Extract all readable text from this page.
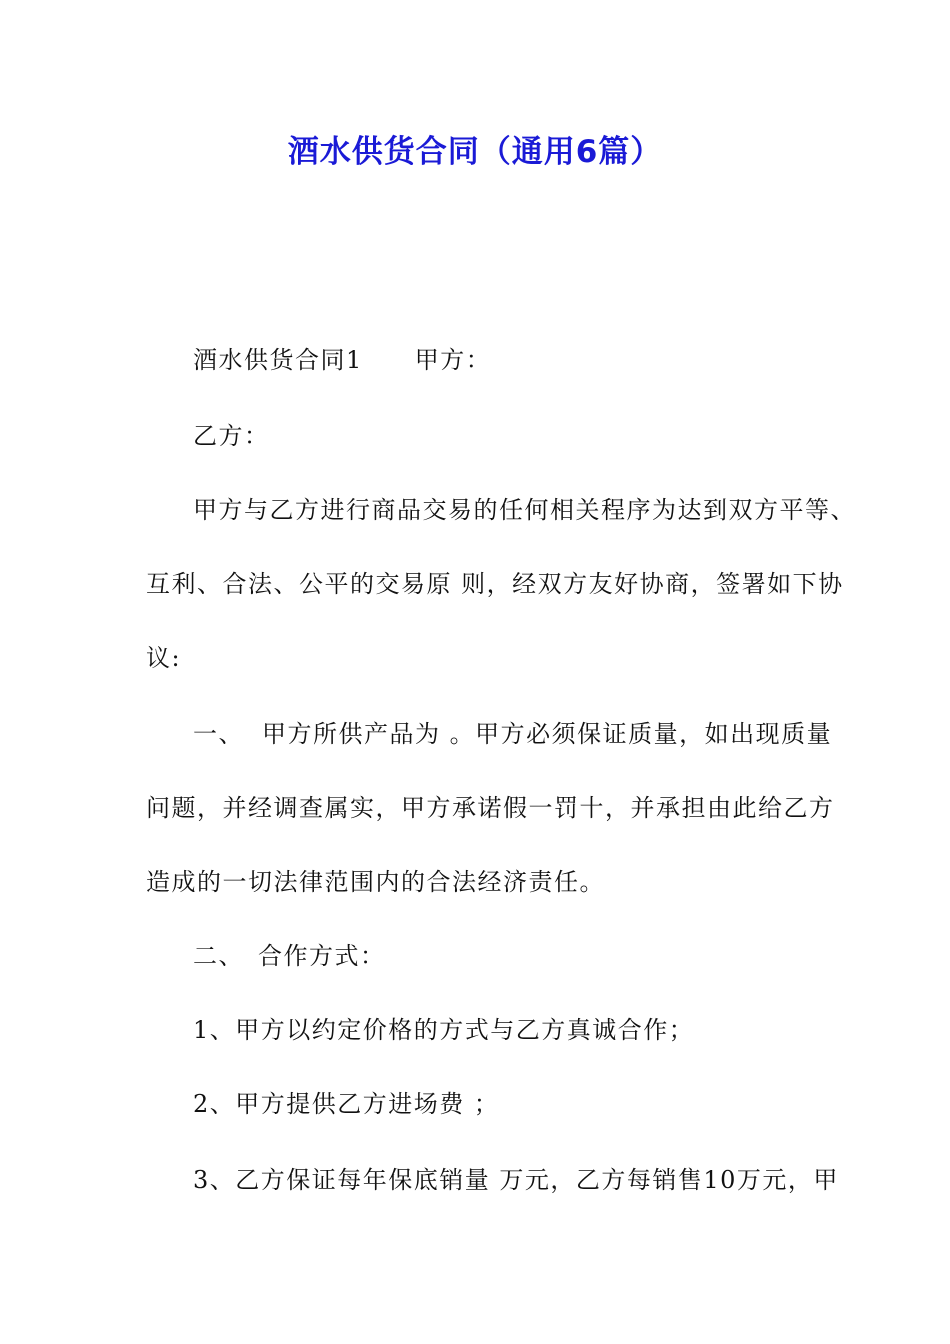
酒水供货合同（通用6篇）
酒水供货合同1 甲方：
乙方：
甲方与乙方进行商品交易的任何相关程序为达到双方平等、
互利、合法、公平的交易原 则，经双方友好协商，签署如下协
议:
一、 甲方所供产品为 。甲方必须保证质量，如出现质量
问题，并经调查属实，甲方承诺假一罚十，并承担由此给乙方
造成的一切法律范围内的合法经济责任。
二、 合作方式：
1、甲方以约定价格的方式与乙方真诚合作；
2、甲方提供乙方进场费 ；
3、乙方保证每年保底销量 万元，乙方每销售10万元，甲
